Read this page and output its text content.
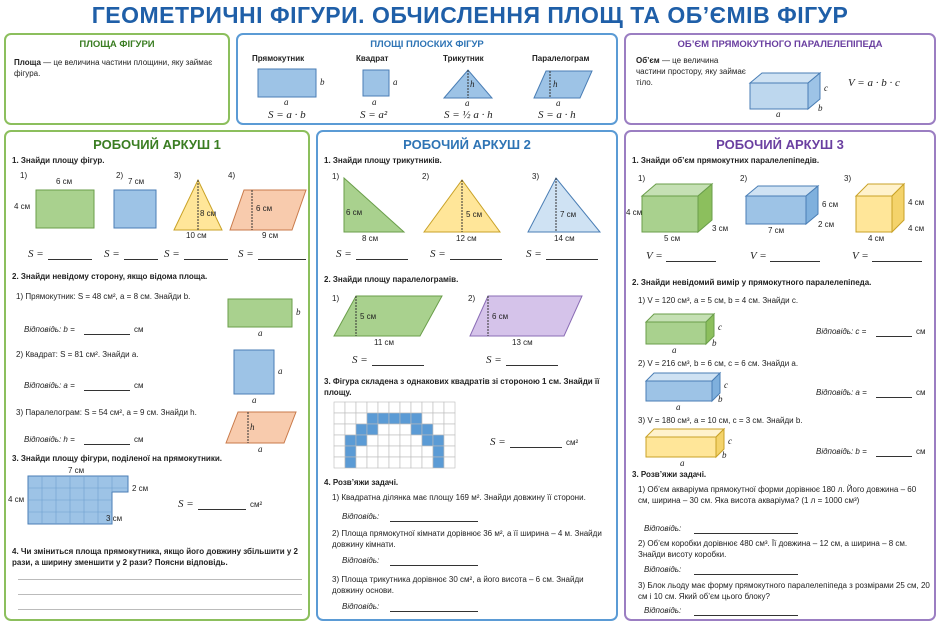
ГЕОМЕТРИЧНІ ФІГУРИ. ОБЧИСЛЕННЯ ПЛОЩ ТА ОБ’ЄМІВ ФІГУР
ПЛОЩА ФІГУРИ
Площа — це величина частини площини, яку займає фігура.
ПЛОЩІ ПЛОСКИХ ФІГУР
Прямокутник	Квадрат	Трикутник	Паралелограм
a
b
a
a
a
h
a
h
S = a · b	S = a²	S = ½ a · h	S = a · h
ОБ’ЄМ ПРЯМОКУТНОГО ПАРАЛЕЛЕПІПЕДА
Об’єм — це величина частини простору, яку займає тіло.
a
c
b
V = a · b · c
РОБОЧИЙ АРКУШ 1
1. Знайди площу фігур.
1)	2)	3)	4)
6 см
4 см
7 см
8 см
10 см
6 см
9 см
S =	S =	S =	S =
2. Знайди невідому сторону, якщо відома площа.
1) Прямокутник: S = 48 см², a = 8 см. Знайди b.
b
a
a
a
h
a
Відповідь: b =	см
2) Квадрат: S = 81 см². Знайди a.
Відповідь: a =	см
3) Паралелограм: S = 54 см², a = 9 см. Знайди h.
Відповідь: h =	см
3. Знайди площу фігури, поділеної на прямокутники.
7 см
2 см
4 см
3 см
S =	см²
4. Чи зміниться площа прямокутника, якщо його довжину збільшити у 2 рази, а ширину зменшити у 2 рази? Поясни відповідь.
РОБОЧИЙ АРКУШ 2
1. Знайди площу трикутників.
1)	2)	3)
6 см
8 см
5 см
12 см
7 см
14 см
S =	S =	S =
2. Знайди площу паралелограмів.
1)	2)
5 см
11 см
6 см
13 см
S =	S =
3. Фігура складена з однакових квадратів зі стороною 1 см. Знайди її площу.
S =	см²
4. Розв’яжи задачі.
1) Квадратна ділянка має площу 169 м². Знайди довжину її сторони.
Відповідь:
2) Площа прямокутної кімнати дорівнює 36 м², а її ширина – 4 м. Знайди довжину кімнати.
Відповідь:
3) Площа трикутника дорівнює 30 см², а його висота – 6 см. Знайди довжину основи.
Відповідь:
РОБОЧИЙ АРКУШ 3
1. Знайди об’єм прямокутних паралелепіпедів.
1)	2)	3)
4 см
5 см
3 см
6 см
7 см
2 см
4 см
4 см
4 см
V =	V =	V =
2. Знайди невідомий вимір у прямокутного паралелепіпеда.
1) V = 120 см³, a = 5 см, b = 4 см. Знайди c.
c
b
a
c
b
a
c
b
a
Відповідь: c =	см
2) V = 216 см³, b = 6 см, c = 6 см. Знайди a.
Відповідь: a =	см
3) V = 180 см³, a = 10 см, c = 3 см. Знайди b.
Відповідь: b =	см
3. Розв’яжи задачі.
1) Об’єм акваріума прямокутної форми дорівнює 180 л. Його довжина – 60 см, ширина – 30 см. Яка висота акваріума? (1 л = 1000 см³)
Відповідь:
2) Об’єм коробки дорівнює 480 см³. Її довжина – 12 см, а ширина – 8 см. Знайди висоту коробки.
Відповідь:
3) Блок льоду має форму прямокутного паралелепіпеда з розмірами 25 см, 20 см і 10 см. Який об’єм цього блоку?
Відповідь:
